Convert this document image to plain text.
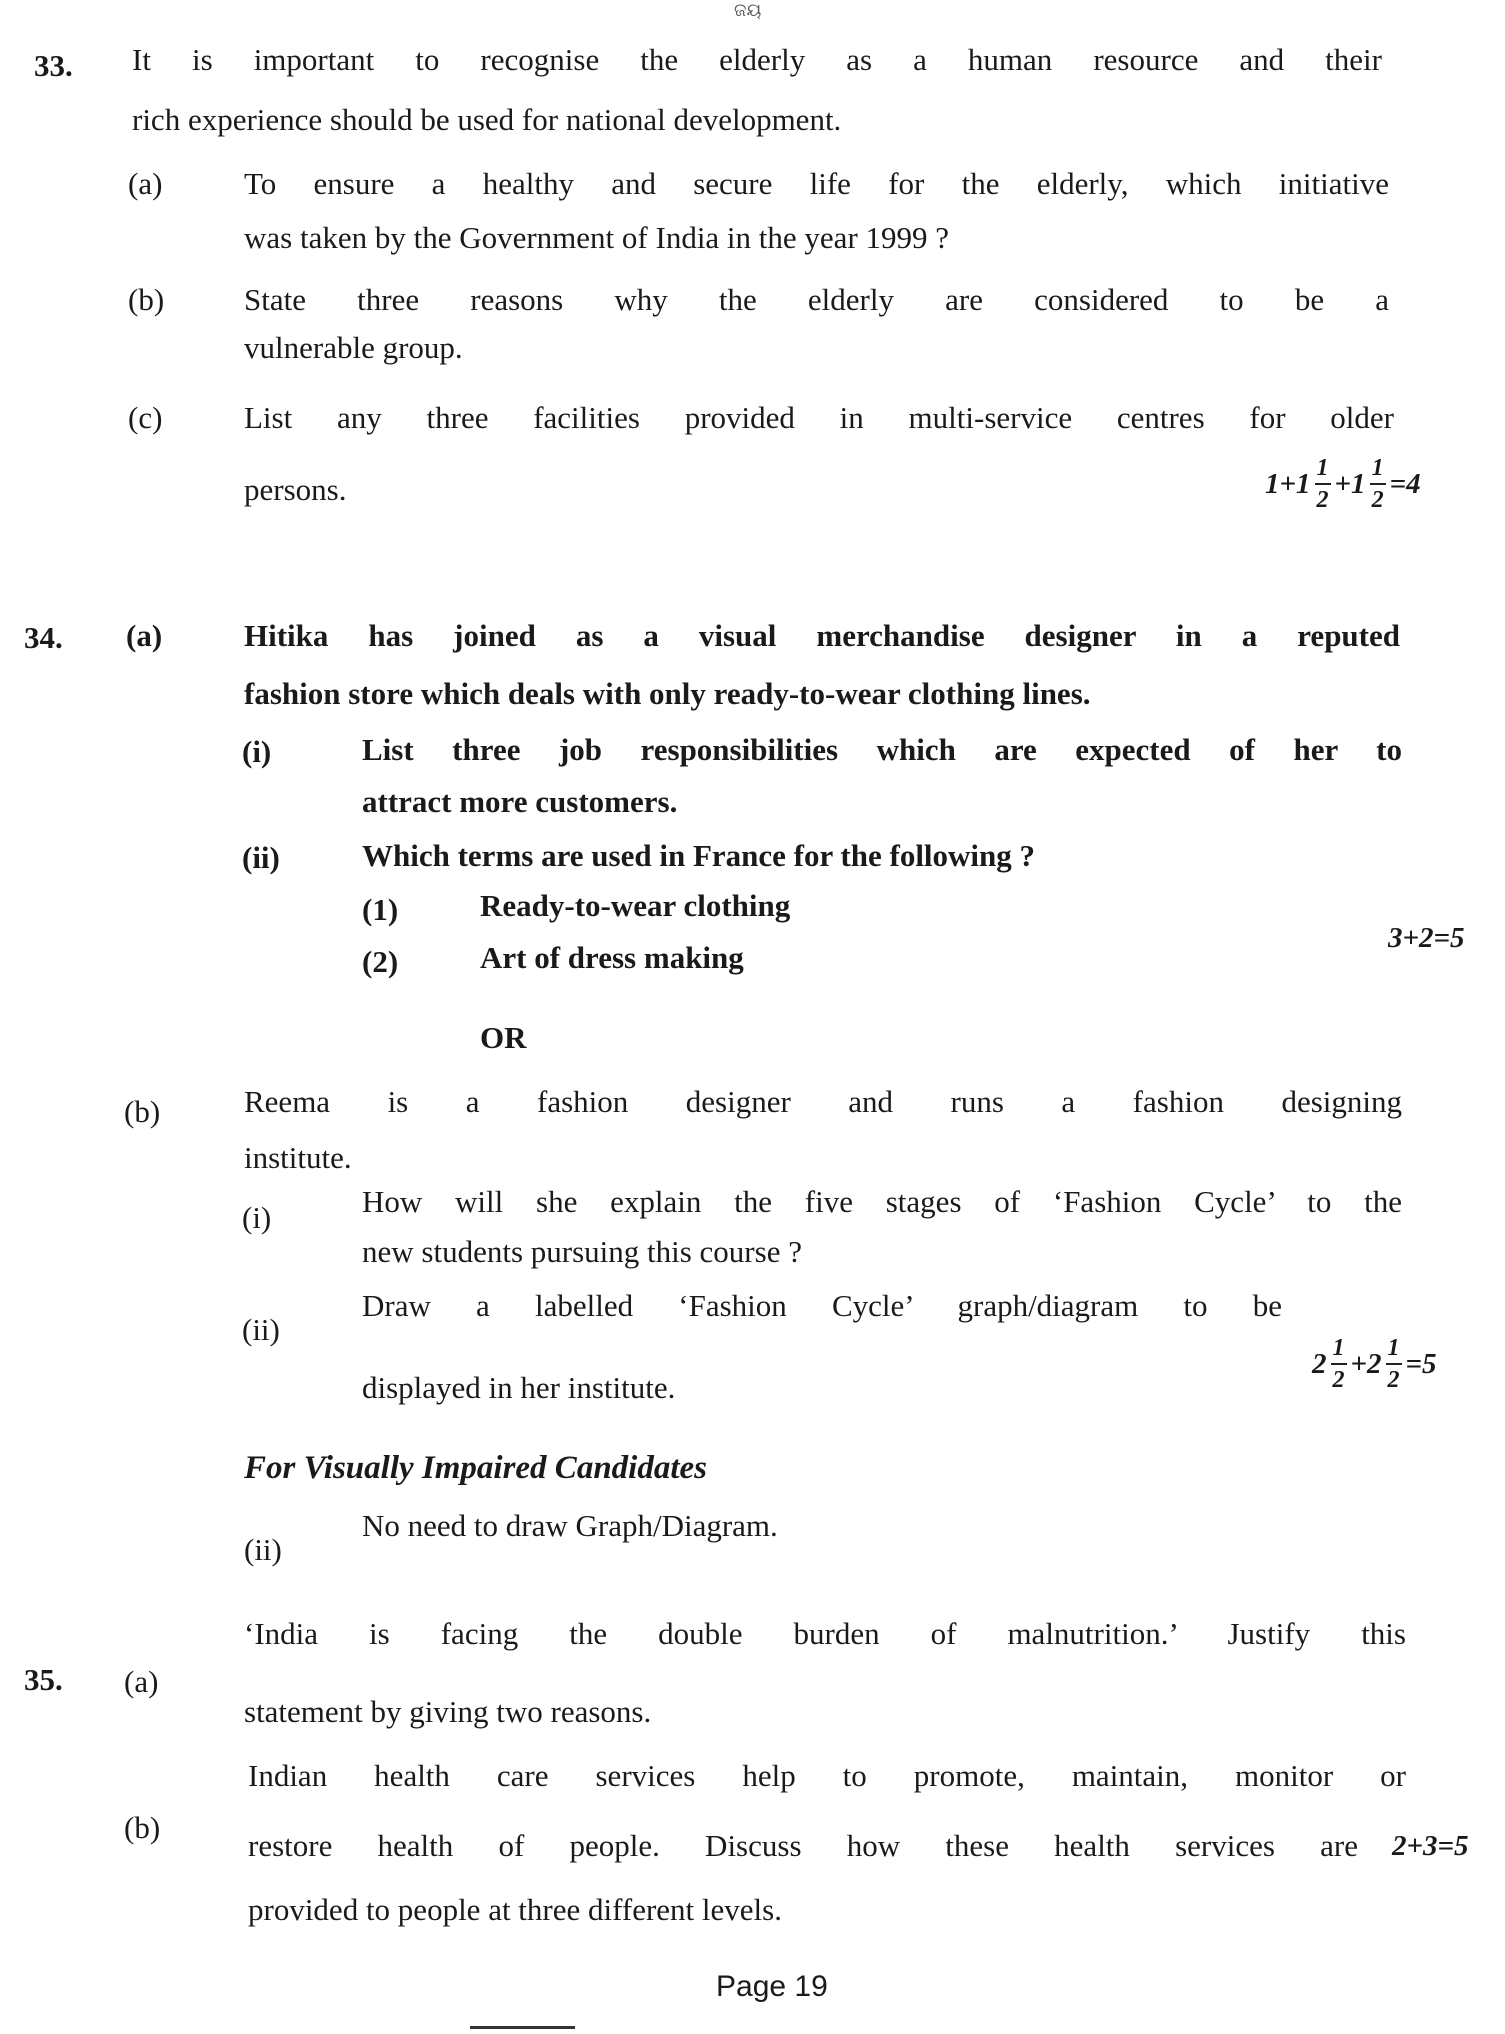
ଜୟ
33. It is important to recognise the elderly as a human resource and their
rich experience should be used for national development.
(a)	To ensure a healthy and secure life for the elderly, which initiative
was taken by the Government of India in the year 1999 ?
(b)	State three reasons why the elderly are considered to be a
vulnerable group.
(c)	List any three facilities provided in multi-service centres for older
persons.	$1+1 \frac{1}{2} +1 \frac{1}{2} =4$
34. (a)	Hitika has joined as a visual merchandise designer in a reputed
fashion store which deals with only ready-to-wear clothing lines.
(i)	List three job responsibilities which are expected of her to
attract more customers.
(ii)	Which terms are used in France for the following ?
(1)	Ready-to-wear clothing
(2)	Art of dress making
3+2=5
OR
(b)	Reema is a fashion designer and runs a fashion designing
institute.
(i)	How will she explain the five stages of ‘Fashion Cycle’ to the
new students pursuing this course ?
(ii)
Draw a labelled ‘Fashion Cycle’ graph/diagram to be
displayed in her institute.
$2 \frac{1}{2} +2 \frac{1}{2} =5$
For Visually Impaired Candidates
(ii)
No need to draw Graph/Diagram.
35. (a)
‘India is facing the double burden of malnutrition.’ Justify this
statement by giving two reasons.
(b)
Indian health care services help to promote, maintain, monitor or
restore health of people. Discuss how these health services are
provided to people at three different levels.
2+3=5
Page 19
